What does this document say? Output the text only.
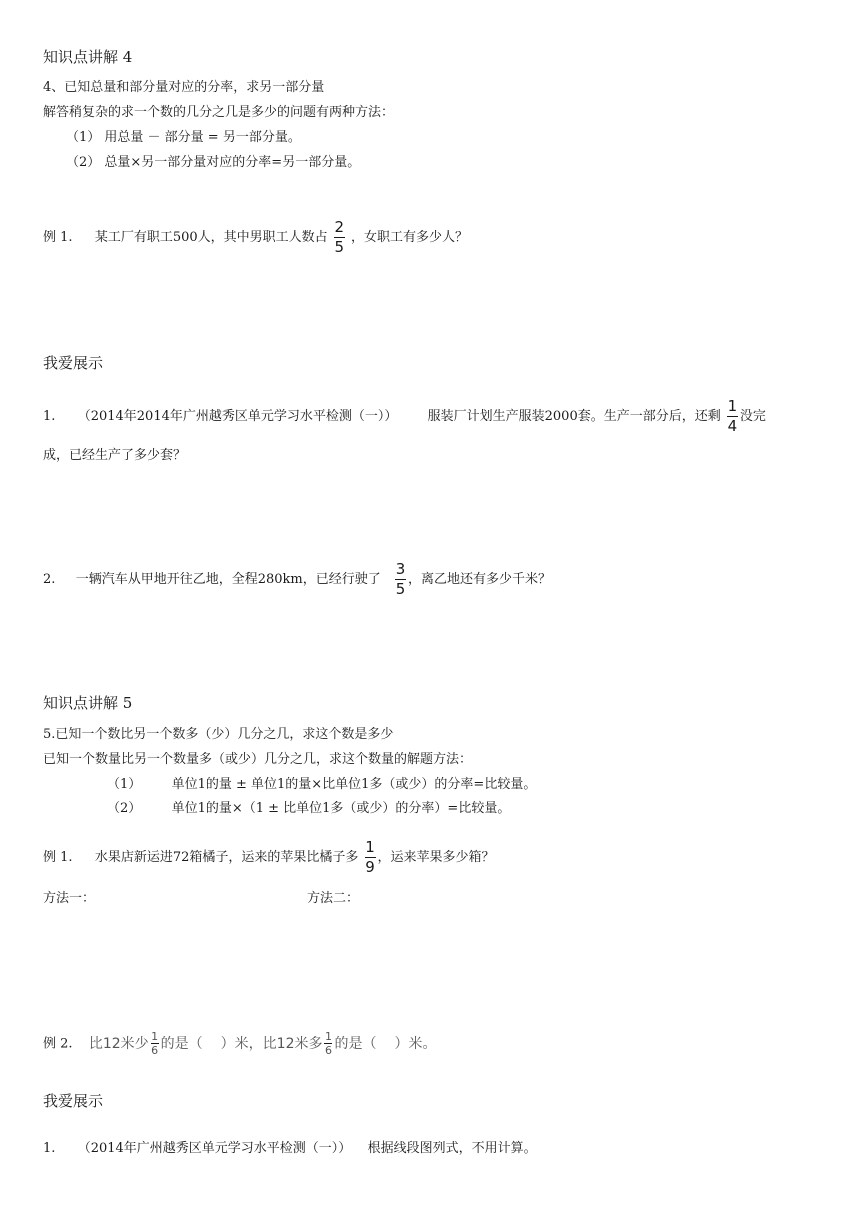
知识点讲解 4
4、已知总量和部分量对应的分率，求另一部分量
解答稍复杂的求一个数的几分之几是多少的问题有两种方法：
（1） 用总量 － 部分量 = 另一部分量。
（2） 总量×另一部分量对应的分率=另一部分量。
例 1. 某工厂有职工500人，其中男职工人数占 $\frac{2}{5}$ ，女职工有多少人？
我爱展示
1. （2014年2014年广州越秀区单元学习水平检测（一）） 服装厂计划生产服装2000套。生产一部分后，还剩 $\frac{1}{4}$ 没完
成，已经生产了多少套？
2. 一辆汽车从甲地开往乙地，全程280km，已经行驶了 $\frac{3}{5}$ ，离乙地还有多少千米？
知识点讲解 5
5.已知一个数比另一个数多（少）几分之几，求这个数是多少
已知一个数量比另一个数量多（或少）几分之几，求这个数量的解题方法：
（1） 单位1的量 ± 单位1的量×比单位1多（或少）的分率=比较量。
（2） 单位1的量×（1 ± 比单位1多（或少）的分率）=比较量。
例 1. 水果店新运进72箱橘子，运来的苹果比橘子多 $\frac{1}{9}$ ，运来苹果多少箱？
方法一：	方法二：
例 2. 比12米少 $\frac{1}{6}$ 的是（ ）米，比12米多 $\frac{1}{6}$ 的是（ ）米。
我爱展示
1. （2014年广州越秀区单元学习水平检测（一）） 根据线段图列式，不用计算。
